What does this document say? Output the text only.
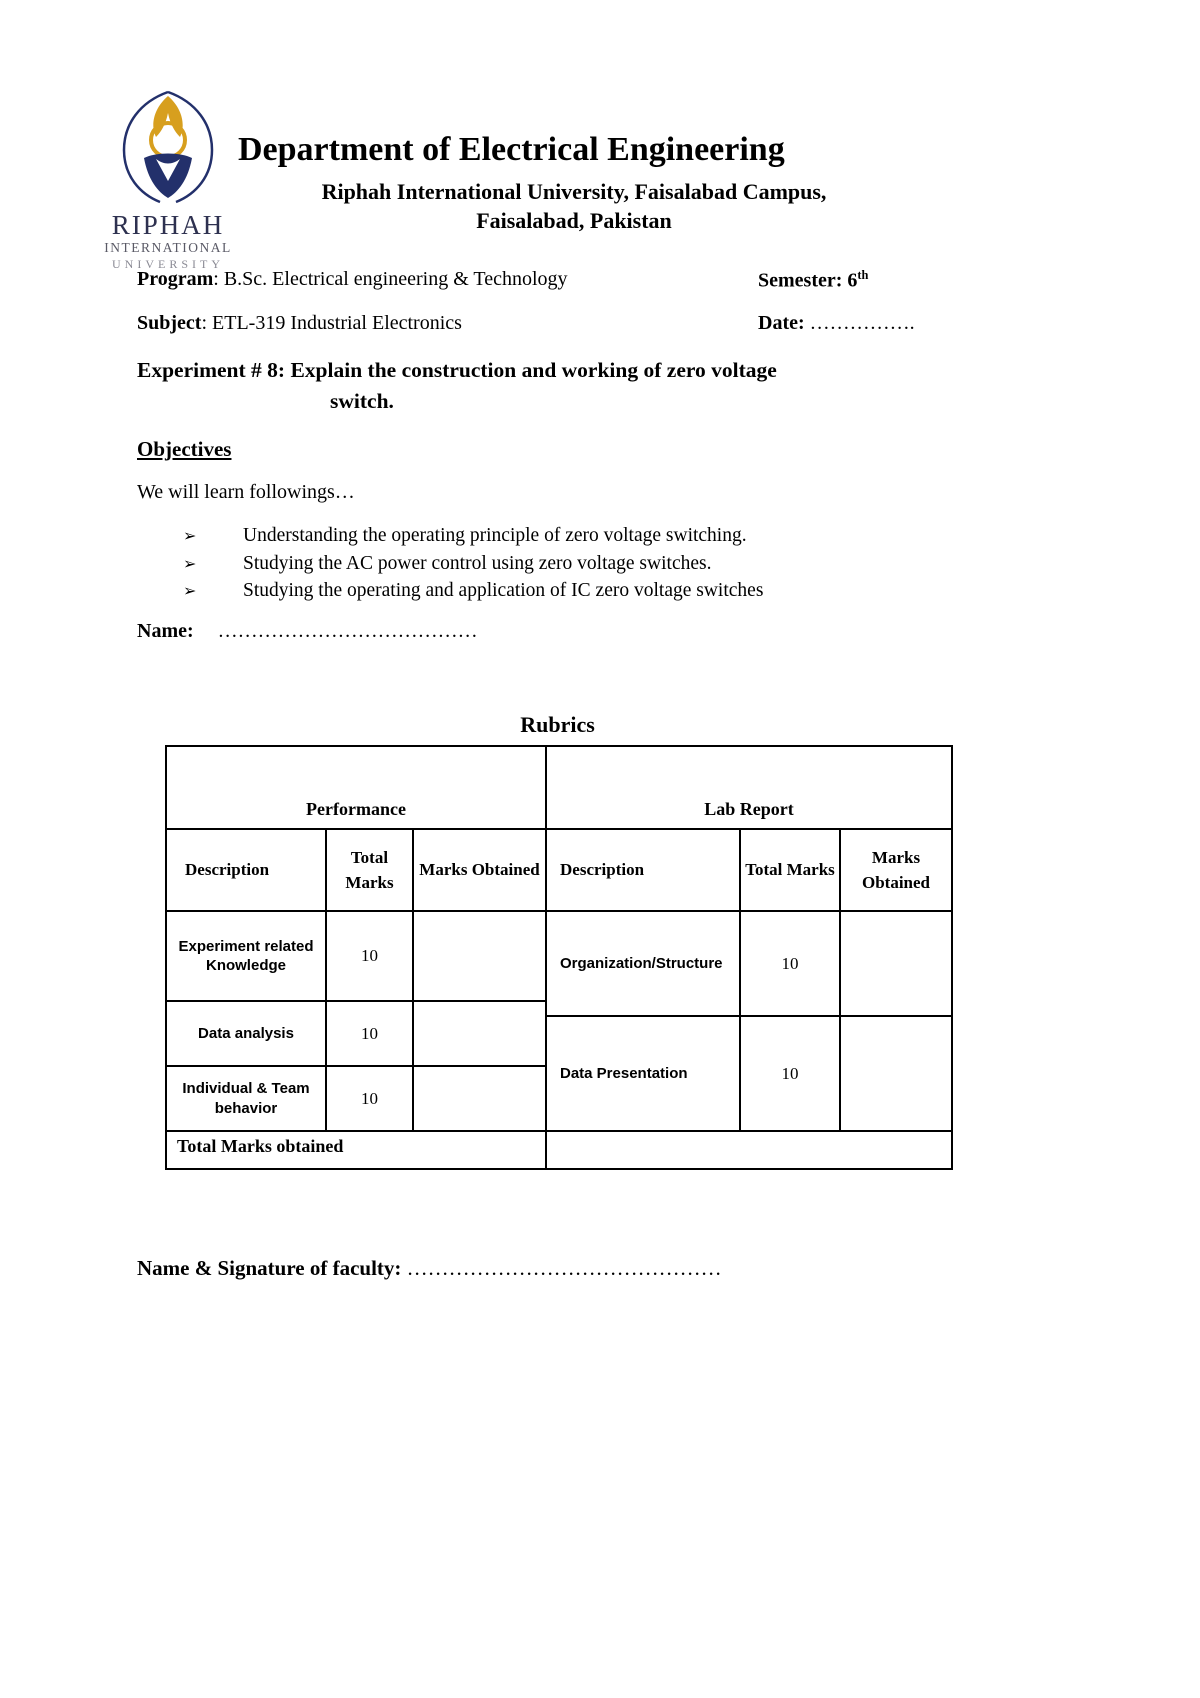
RIPHAH
INTERNATIONAL
UNIVERSITY
Department of Electrical Engineering
Riphah International University, Faisalabad Campus,
Faisalabad, Pakistan
Program: B.Sc. Electrical engineering & Technology	Semester: 6th
Subject: ETL-319 Industrial Electronics	Date: …………….
Experiment # 8: Explain the construction and working of zero voltage
switch.
Objectives
We will learn followings…
➢	Understanding the operating principle of zero voltage switching.
➢	Studying the AC power control using zero voltage switches.
➢	Studying the operating and application of IC zero voltage switches
Name: …………………………………
Rubrics
Performance		
Description	Total Marks	Marks Obtained
Experiment related Knowledge	10	
Data analysis	10	
Individual & Team behavior	10	
Total Marks obtained		
Lab Report		
Description	Total Marks	Marks Obtained
Organization/Structure	10	
Data Presentation	10	

Name & Signature of faculty: ………………………………………
